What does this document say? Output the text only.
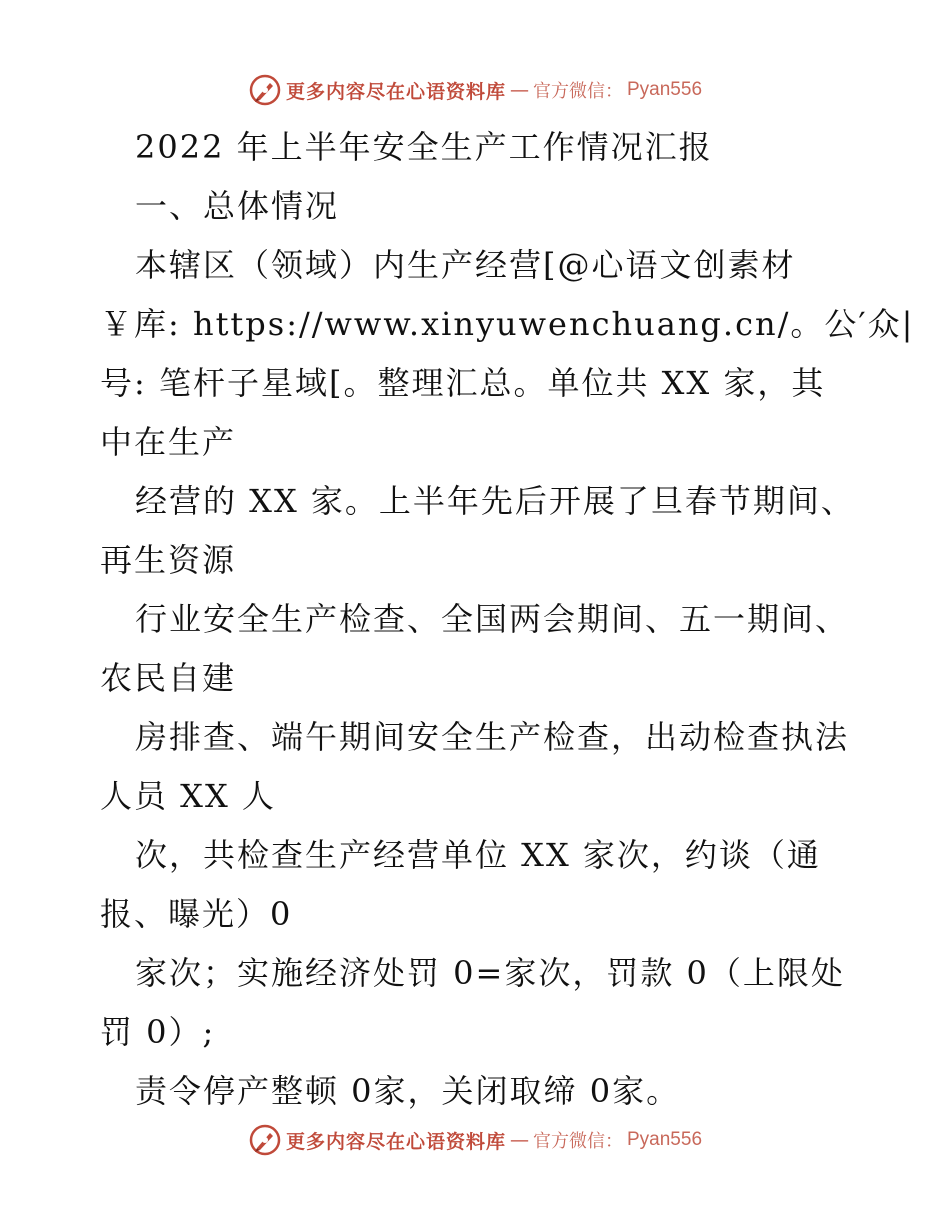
更多内容尽在心语资料库 — 官方微信： Pyan556
2022 年上半年安全生产工作情况汇报
一、总体情况
本辖区（领域）内生产经营[@心语文创素材
￥库: https://www.xinyuwenchuang.cn/。公′众|
号: 笔杆子星域[。整理汇总。单位共 XX 家，其
中在生产
经营的 XX 家。上半年先后开展了旦春节期间、
再生资源
行业安全生产检查、全国两会期间、五一期间、
农民自建
房排查、端午期间安全生产检查，出动检查执法
人员 XX 人
次，共检查生产经营单位 XX 家次，约谈（通
报、曝光）0
家次；实施经济处罚 0=家次，罚款 0（上限处
罚 0）;
责令停产整顿 0家，关闭取缔 0家。
更多内容尽在心语资料库 — 官方微信： Pyan556
